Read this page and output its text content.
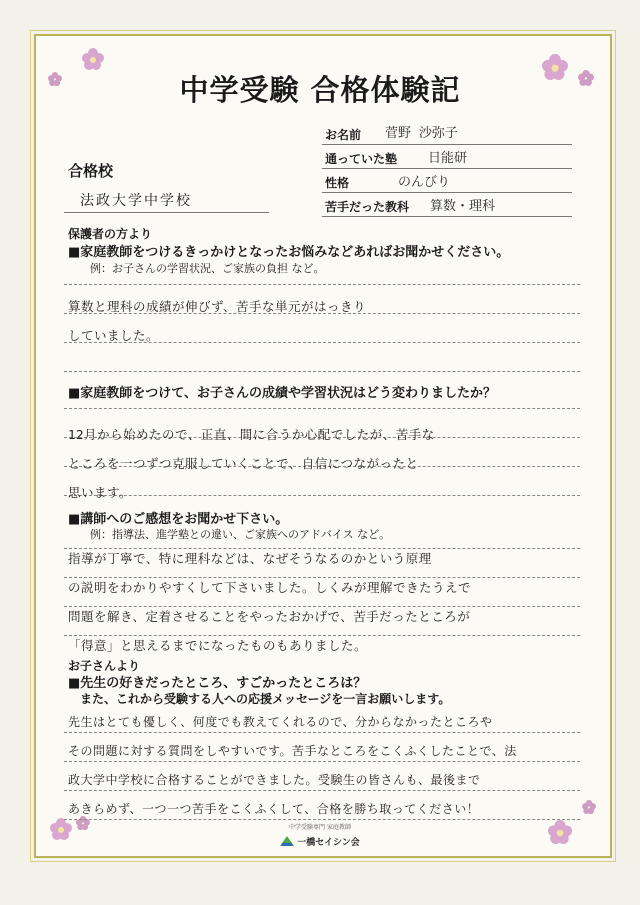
中学受験 合格体験記
お名前 菅野 沙弥子
通っていた塾 日能研
性格	のんびり
苦手だった教科 算数・理科
合格校
法政大学中学校
保護者の方より
■家庭教師をつけるきっかけとなったお悩みなどあればお聞かせください。
例：お子さんの学習状況、ご家族の負担 など。
算数と理科の成績が伸びず、苦手な単元がはっきり
していました。
■家庭教師をつけて、お子さんの成績や学習状況はどう変わりましたか？
12月から始めたので、正直、間に合うか心配でしたが、苦手な
ところを一つずつ克服していくことで、自信につながったと
思います。
■講師へのご感想をお聞かせ下さい。
例：指導法、進学塾との違い、ご家族へのアドバイス など。
指導が丁寧で、特に理科などは、なぜそうなるのかという原理
の説明をわかりやすくして下さいました。しくみが理解できたうえで
問題を解き、定着させることをやったおかげで、苦手だったところが
「得意」と思えるまでになったものもありました。
お子さんより
■先生の好きだったところ、すごかったところは？
また、これから受験する人への応援メッセージを一言お願いします。
先生はとても優しく、何度でも教えてくれるので、分からなかったところや
その問題に対する質問をしやすいです。苦手なところをこくふくしたことで、法
政大学中学校に合格することができました。受験生の皆さんも、最後まで
あきらめず、一つ一つ苦手をこくふくして、合格を勝ち取ってください！
中学受験専門 家庭教師
一橋セイシン会
